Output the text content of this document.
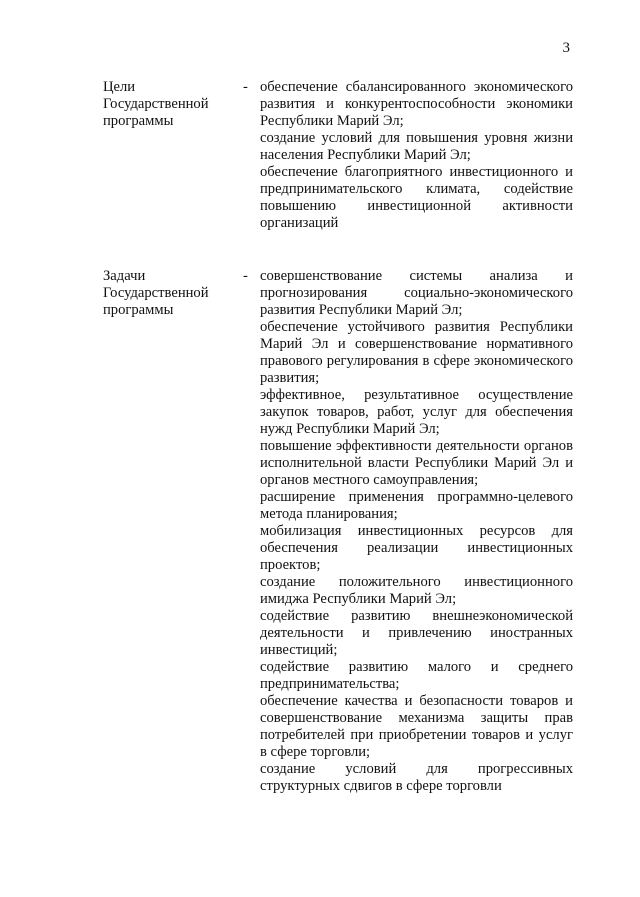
3
Цели
Государственной
программы
- обеспечение сбалансированного экономического развития и конкурентоспособности экономики Республики Марий Эл;

создание условий для повышения уровня жизни населения Республики Марий Эл;

обеспечение благоприятного инвестиционного и предпринимательского климата, содействие повышению инвестиционной активности организаций

Задачи
Государственной
программы
- совершенствование системы анализа и прогнозирования социально-экономического развития Республики Марий Эл;

обеспечение устойчивого развития Республики Марий Эл и совершенствование нормативного правового регулирования в сфере экономического развития;

эффективное, результативное осуществление закупок товаров, работ, услуг для обеспечения нужд Республики Марий Эл;

повышение эффективности деятельности органов исполнительной власти Республики Марий Эл и органов местного самоуправления;

расширение применения программно-целевого метода планирования;

мобилизация инвестиционных ресурсов для обеспечения реализации инвестиционных проектов;

создание положительного инвестиционного имиджа Республики Марий Эл;

содействие развитию внешнеэкономической деятельности и привлечению иностранных инвестиций;

содействие развитию малого и среднего предпринимательства;

обеспечение качества и безопасности товаров и совершенствование механизма защиты прав потребителей при приобретении товаров и услуг в сфере торговли;

создание условий для прогрессивных структурных сдвигов в сфере торговли
